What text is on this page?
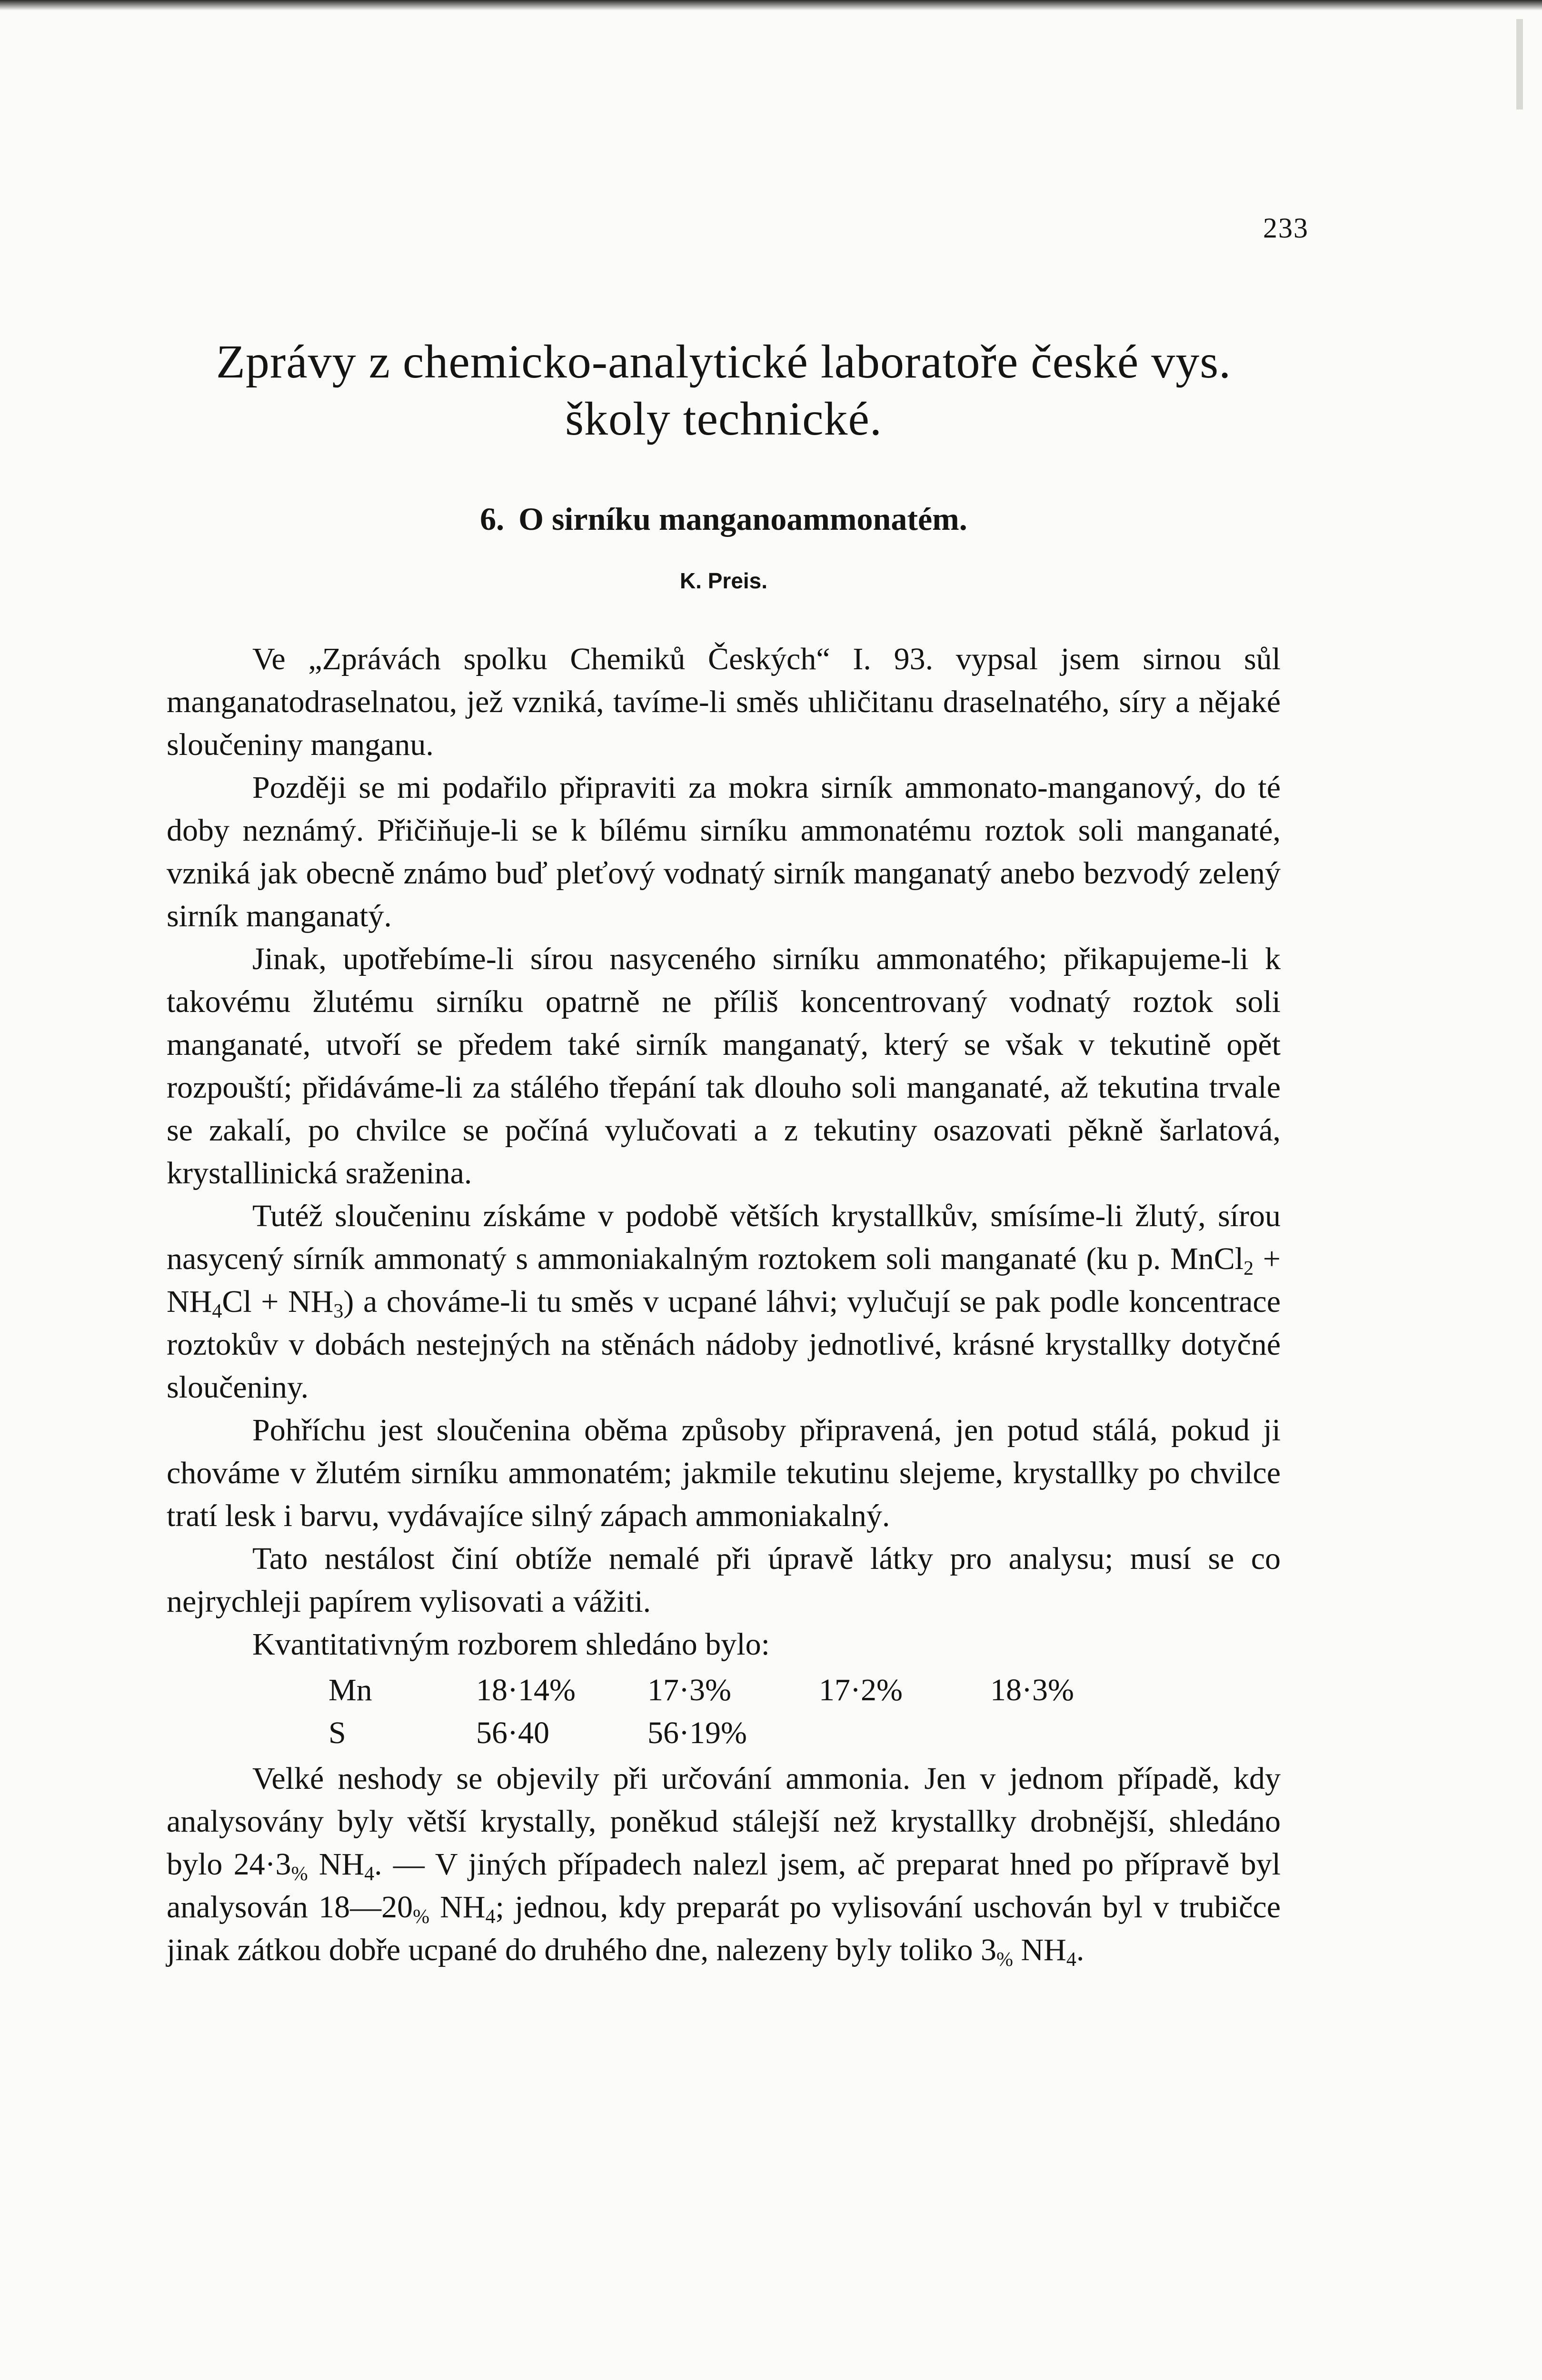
233
Zprávy z chemicko-analytické laboratoře české vys.
školy technické.
6. O sirníku manganoammonatém.
K. Preis.

Ve „Zprávách spolku Chemiků Českých“ I. 93. vypsal jsem sirnou sůl manganatodraselnatou, jež vzniká, tavíme-li směs uhličitanu draselnatého, síry a nějaké sloučeniny manganu.

Později se mi podařilo připraviti za mokra sirník ammonato-manganový, do té doby neznámý. Přičiňuje-li se k bílému sirníku ammonatému roztok soli manganaté, vzniká jak obecně známo buď pleťový vodnatý sirník manganatý anebo bezvodý zelený sirník manganatý.

Jinak, upotřebíme-li sírou nasyceného sirníku ammonatého; přikapujeme-li k takovému žlutému sirníku opatrně ne příliš koncentrovaný vodnatý roztok soli manganaté, utvoří se předem také sirník manganatý, který se však v tekutině opět rozpouští; přidáváme-li za stálého třepání tak dlouho soli manganaté, až tekutina trvale se zakalí, po chvilce se počíná vylučovati a z tekutiny osazovati pěkně šarlatová, krystallinická sraženina.

Tutéž sloučeninu získáme v podobě větších krystallkův, smísíme-li žlutý, sírou nasycený sírník ammonatý s ammoniakalným roztokem soli manganaté (ku p. MnCl$_2$ + $NH_4Cl + NH_3$) a chováme-li tu směs v ucpané láhvi; vylučují se pak podle koncentrace roztokův v dobách nestejných na stěnách nádoby jednotlivé, krásné krystallky dotyčné sloučeniny.

Pohříchu jest sloučenina oběma způsoby připravená, jen potud stálá, pokud ji chováme v žlutém sirníku ammonatém; jakmile tekutinu slejeme, krystallky po chvilce tratí lesk i barvu, vydávajíce silný zápach ammoniakalný.

Tato nestálost činí obtíže nemalé při úpravě látky pro analysu; musí se co nejrychleji papírem vylisovati a vážiti.

Kvantitativným rozborem shledáno bylo:

Mn	18·14%	17·3%	17·2%	18·3%
S	56·40	56·19%		

Velké neshody se objevily při určování ammonia. Jen v jednom případě, kdy analysovány byly větší krystally, poněkud stálejší než krystallky drobnější, shledáno bylo $24\cdot 3_{\%}$ $NH_4$. — V jiných případech nalezl jsem, ač preparat hned po přípravě byl analysován $18—20_{\%}$ $NH_4$; jednou, kdy preparát po vylisování uschován byl v trubičce jinak zátkou dobře ucpané do druhého dne, nalezeny byly toliko $3_{\%}$ $NH_4$.
